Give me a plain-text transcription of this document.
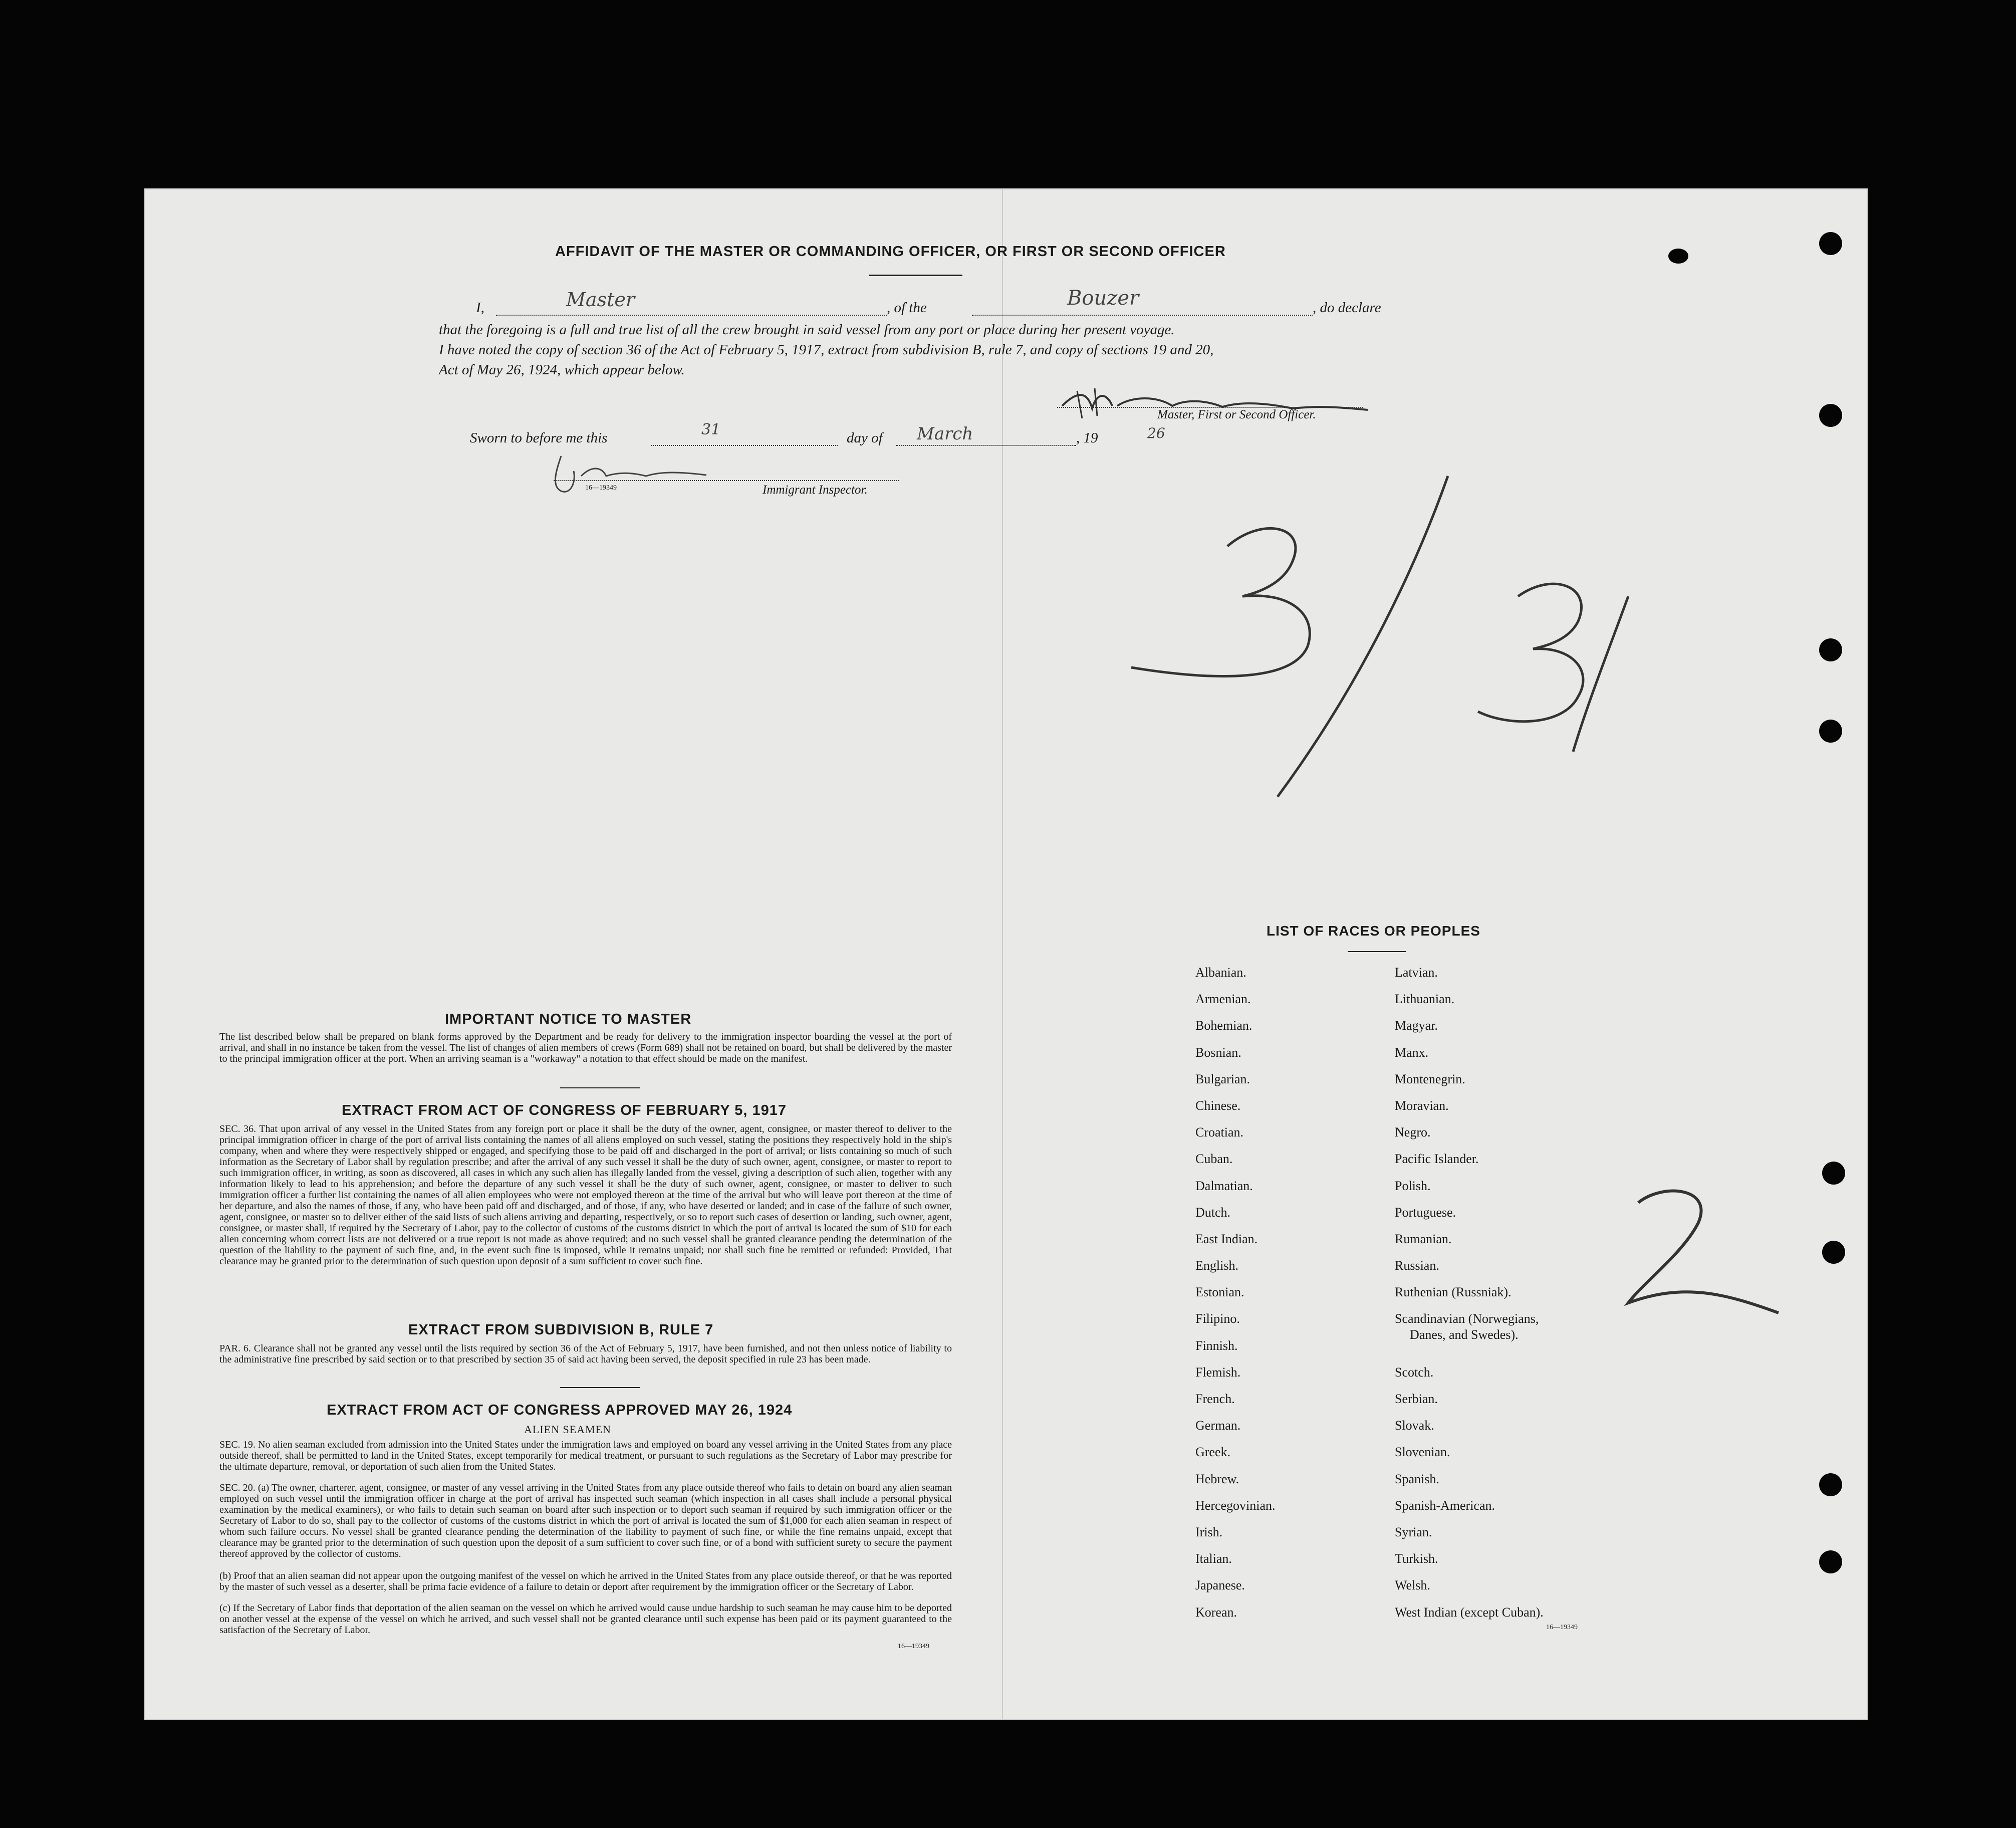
AFFIDAVIT OF THE MASTER OR COMMANDING OFFICER, OR FIRST OR SECOND OFFICER
I,	, of the	, do declare
Master	Bouzer
that the foregoing is a full and true list of all the crew brought in said vessel from any port or place during her present voyage.
I have noted the copy of section 36 of the Act of February 5, 1917, extract from subdivision B, rule 7, and copy of sections 19 and 20,
Act of May 26, 1924, which appear below.
Master, First or Second Officer.
Sworn to before me this	day of	, 19
31	March	26
16—19349	Immigrant Inspector.
IMPORTANT NOTICE TO MASTER
The list described below shall be prepared on blank forms approved by the Department and be ready for delivery to the immigration inspector boarding the vessel at the port of arrival, and shall in no instance be taken from the vessel. The list of changes of alien members of crews (Form 689) shall not be retained on board, but shall be delivered by the master to the principal immigration officer at the port. When an arriving seaman is a "workaway" a notation to that effect should be made on the manifest.
EXTRACT FROM ACT OF CONGRESS OF FEBRUARY 5, 1917
SEC. 36. That upon arrival of any vessel in the United States from any foreign port or place it shall be the duty of the owner, agent, consignee, or master thereof to deliver to the principal immigration officer in charge of the port of arrival lists containing the names of all aliens employed on such vessel, stating the positions they respectively hold in the ship's company, when and where they were respectively shipped or engaged, and specifying those to be paid off and discharged in the port of arrival; or lists containing so much of such information as the Secretary of Labor shall by regulation prescribe; and after the arrival of any such vessel it shall be the duty of such owner, agent, consignee, or master to report to such immigration officer, in writing, as soon as discovered, all cases in which any such alien has illegally landed from the vessel, giving a description of such alien, together with any information likely to lead to his apprehension; and before the departure of any such vessel it shall be the duty of such owner, agent, consignee, or master to deliver to such immigration officer a further list containing the names of all alien employees who were not employed thereon at the time of the arrival but who will leave port thereon at the time of her departure, and also the names of those, if any, who have been paid off and discharged, and of those, if any, who have deserted or landed; and in case of the failure of such owner, agent, consignee, or master so to deliver either of the said lists of such aliens arriving and departing, respectively, or so to report such cases of desertion or landing, such owner, agent, consignee, or master shall, if required by the Secretary of Labor, pay to the collector of customs of the customs district in which the port of arrival is located the sum of $10 for each alien concerning whom correct lists are not delivered or a true report is not made as above required; and no such vessel shall be granted clearance pending the determination of the question of the liability to the payment of such fine, and, in the event such fine is imposed, while it remains unpaid; nor shall such fine be remitted or refunded: Provided, That clearance may be granted prior to the determination of such question upon deposit of a sum sufficient to cover such fine.
EXTRACT FROM SUBDIVISION B, RULE 7
PAR. 6. Clearance shall not be granted any vessel until the lists required by section 36 of the Act of February 5, 1917, have been furnished, and not then unless notice of liability to the administrative fine prescribed by said section or to that prescribed by section 35 of said act having been served, the deposit specified in rule 23 has been made.
EXTRACT FROM ACT OF CONGRESS APPROVED MAY 26, 1924
ALIEN SEAMEN
SEC. 19. No alien seaman excluded from admission into the United States under the immigration laws and employed on board any vessel arriving in the United States from any place outside thereof, shall be permitted to land in the United States, except temporarily for medical treatment, or pursuant to such regulations as the Secretary of Labor may prescribe for the ultimate departure, removal, or deportation of such alien from the United States.
SEC. 20. (a) The owner, charterer, agent, consignee, or master of any vessel arriving in the United States from any place outside thereof who fails to detain on board any alien seaman employed on such vessel until the immigration officer in charge at the port of arrival has inspected such seaman (which inspection in all cases shall include a personal physical examination by the medical examiners), or who fails to detain such seaman on board after such inspection or to deport such seaman if required by such immigration officer or the Secretary of Labor to do so, shall pay to the collector of customs of the customs district in which the port of arrival is located the sum of $1,000 for each alien seaman in respect of whom such failure occurs. No vessel shall be granted clearance pending the determination of the liability to payment of such fine, or while the fine remains unpaid, except that clearance may be granted prior to the determination of such question upon the deposit of a sum sufficient to cover such fine, or of a bond with sufficient surety to secure the payment thereof approved by the collector of customs.
(b) Proof that an alien seaman did not appear upon the outgoing manifest of the vessel on which he arrived in the United States from any place outside thereof, or that he was reported by the master of such vessel as a deserter, shall be prima facie evidence of a failure to detain or deport after requirement by the immigration officer or the Secretary of Labor.
(c) If the Secretary of Labor finds that deportation of the alien seaman on the vessel on which he arrived would cause undue hardship to such seaman he may cause him to be deported on another vessel at the expense of the vessel on which he arrived, and such vessel shall not be granted clearance until such expense has been paid or its payment guaranteed to the satisfaction of the Secretary of Labor.
16—19349
LIST OF RACES OR PEOPLES
Albanian.
Armenian.
Bohemian.
Bosnian.
Bulgarian.
Chinese.
Croatian.
Cuban.
Dalmatian.
Dutch.
East Indian.
English.
Estonian.
Filipino.
Finnish.
Flemish.
French.
German.
Greek.
Hebrew.
Hercegovinian.
Irish.
Italian.
Japanese.
Korean.
Latvian.
Lithuanian.
Magyar.
Manx.
Montenegrin.
Moravian.
Negro.
Pacific Islander.
Polish.
Portuguese.
Rumanian.
Russian.
Ruthenian (Russniak).
Scandinavian (Norwegians,
Danes, and Swedes).
Scotch.
Serbian.
Slovak.
Slovenian.
Spanish.
Spanish-American.
Syrian.
Turkish.
Welsh.
West Indian (except Cuban).
16—19349
